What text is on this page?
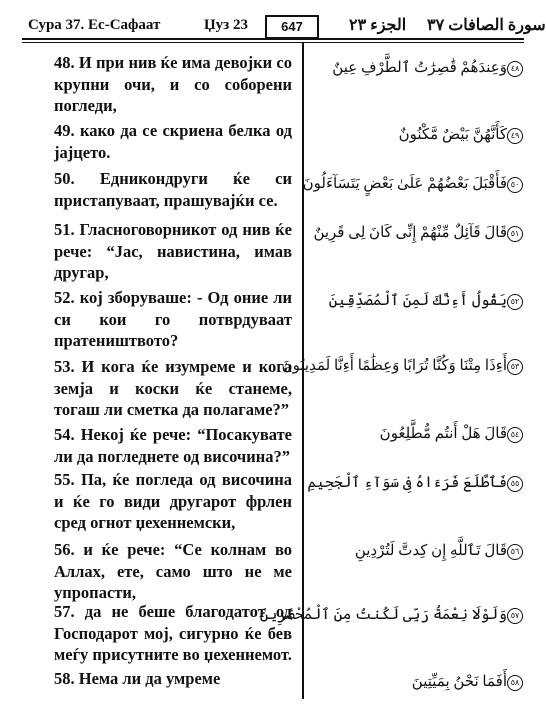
Сура 37. Ес-Сафаат	Џуз 23	647	الجزء ٢٣ سورة الصافات ٣٧
48. И при нив ќе има девојки со крупни очи, и со соборени погледи,
٤٨وَعِندَهُمْ قَٰصِرَٰتُ ٱلطَّرْفِ عِينٌ
49. како да се скриена белка од јајцето.
٤٩كَأَنَّهُنَّ بَيْضٌ مَّكْنُونٌ
50. Едникондруги ќе си пристапуваат, прашувајќи се.
٥٠فَأَقْبَلَ بَعْضُهُمْ عَلَىٰ بَعْضٍ يَتَسَآءَلُونَ
51. Гласноговорникот од нив ќе рече: “Јас, навистина, имав другар,
٥١قَالَ قَآئِلٌ مِّنْهُمْ إِنِّى كَانَ لِى قَرِينٌ
52. кој зборуваше: - Од оние ли си кои го потврдуваат пратеништвото?
٥٢يَقُولُ أَءِنَّكَ لَمِنَ ٱلْمُصَدِّقِينَ
53. И кога ќе изумреме и кога земја и коски ќе станеме, тогаш ли сметка да полагаме?”
٥٣أَءِذَا مِتْنَا وَكُنَّا تُرَابًا وَعِظَٰمًا أَءِنَّا لَمَدِينُونَ
54. Некој ќе рече: “Посакувате ли да погледнете од височина?”
٥٤قَالَ هَلْ أَنتُم مُّطَّلِعُونَ
55. Па, ќе погледа од височина и ќе го види другарот фрлен сред огнот џехеннемски,
٥٥فَٱطَّلَعَ فَرَءَاهُ فِى سَوَآءِ ٱلْجَحِيمِ
56. и ќе рече: “Се колнам во Аллах, ете, само што не ме упропасти,
٥٦قَالَ تَٱللَّهِ إِن كِدتَّ لَتُرْدِينِ
57. да не беше благодатот од Господарот мој, сигурно ќе бев меѓу присутните во џехеннемот.
٥٧وَلَوْلَا نِعْمَةُ رَبِّى لَكُنتُ مِنَ ٱلْمُحْضَرِينَ
58. Нема ли да умреме	٥٨أَفَمَا نَحْنُ بِمَيِّتِينَ
